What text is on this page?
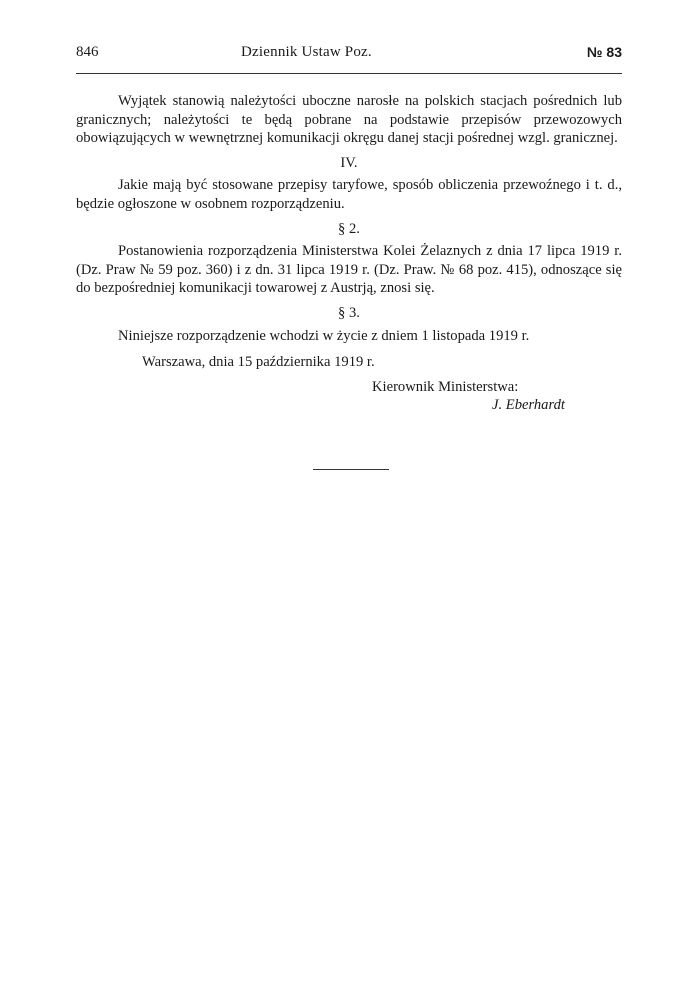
846	Dziennik Ustaw Poz.	№ 83

Wyjątek stanowią należytości uboczne narosłe na polskich stacjach pośrednich lub granicznych; należytości te będą pobrane na podstawie przepisów przewozowych obowiązujących w wewnętrznej komunikacji okręgu danej stacji pośrednej wzgl. granicznej.

IV.

Jakie mają być stosowane przepisy taryfowe, sposób obliczenia przewoźnego i t. d., będzie ogłoszone w osobnem rozporządzeniu.

§ 2.

Postanowienia rozporządzenia Ministerstwa Kolei Żelaznych z dnia 17 lipca 1919 r. (Dz. Praw № 59 poz. 360) i z dn. 31 lipca 1919 r. (Dz. Praw. № 68 poz. 415), odnoszące się do bezpośredniej komunikacji towarowej z Austrją, znosi się.

§ 3.

Niniejsze rozporządzenie wchodzi w życie z dniem 1 listopada 1919 r.

Warszawa, dnia 15 października 1919 r.
Kierownik Ministerstwa:
J. Eberhardt
